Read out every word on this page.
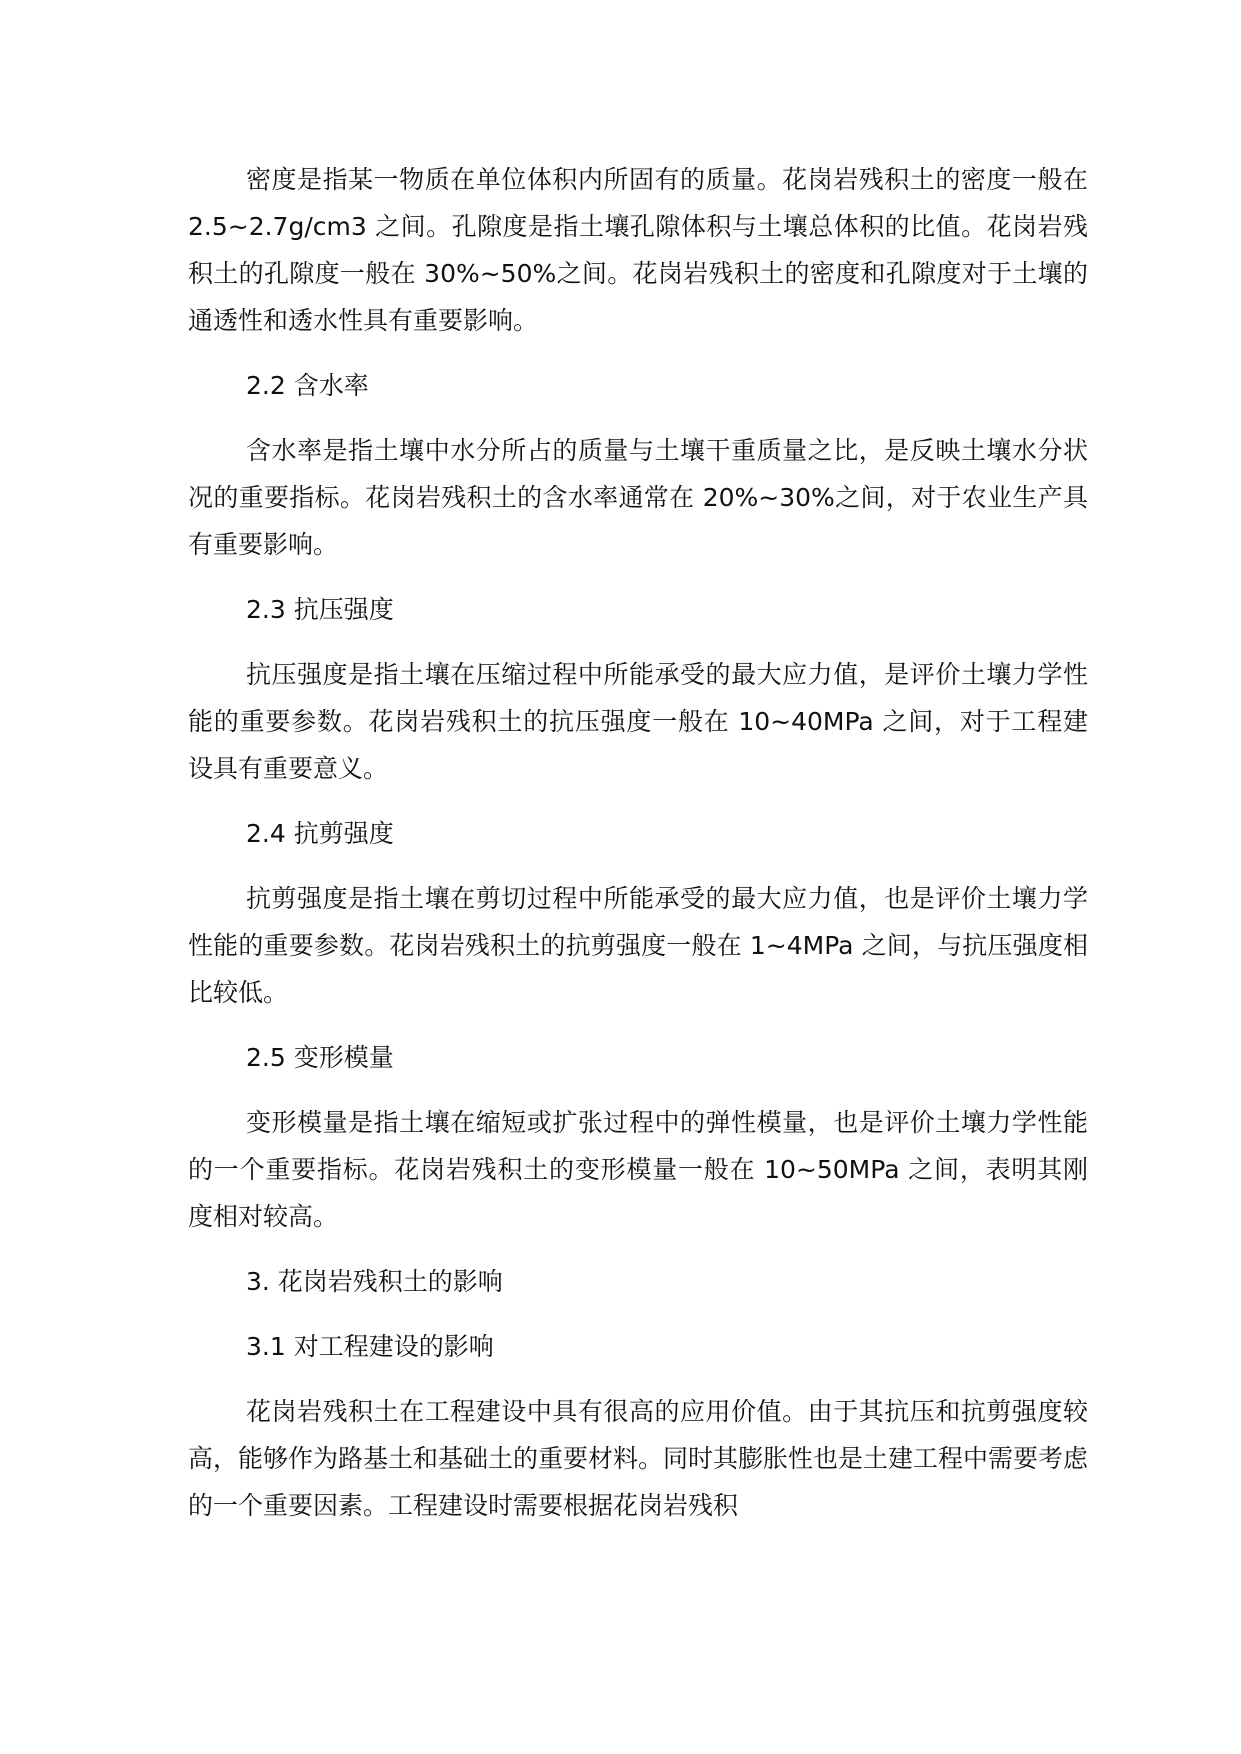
密度是指某一物质在单位体积内所固有的质量。花岗岩残积土的密度一般在 2.5~2.7g/cm3 之间。孔隙度是指土壤孔隙体积与土壤总体积的比值。花岗岩残积土的孔隙度一般在 30%~50%之间。花岗岩残积土的密度和孔隙度对于土壤的通透性和透水性具有重要影响。

2.2 含水率

含水率是指土壤中水分所占的质量与土壤干重质量之比，是反映土壤水分状况的重要指标。花岗岩残积土的含水率通常在 20%~30%之间，对于农业生产具有重要影响。

2.3 抗压强度

抗压强度是指土壤在压缩过程中所能承受的最大应力值，是评价土壤力学性能的重要参数。花岗岩残积土的抗压强度一般在 10~40MPa 之间，对于工程建设具有重要意义。

2.4 抗剪强度

抗剪强度是指土壤在剪切过程中所能承受的最大应力值，也是评价土壤力学性能的重要参数。花岗岩残积土的抗剪强度一般在 1~4MPa 之间，与抗压强度相比较低。

2.5 变形模量

变形模量是指土壤在缩短或扩张过程中的弹性模量，也是评价土壤力学性能的一个重要指标。花岗岩残积土的变形模量一般在 10~50MPa 之间，表明其刚度相对较高。

3. 花岗岩残积土的影响

3.1 对工程建设的影响

花岗岩残积土在工程建设中具有很高的应用价值。由于其抗压和抗剪强度较高，能够作为路基土和基础土的重要材料。同时其膨胀性也是土建工程中需要考虑的一个重要因素。工程建设时需要根据花岗岩残积
